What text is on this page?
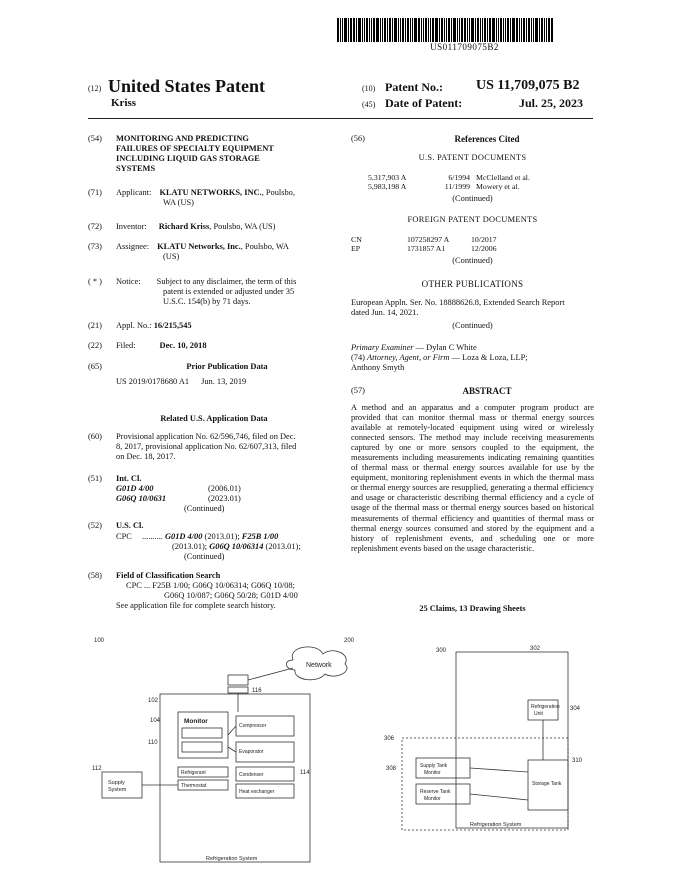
US011709075B2
(12) United States Patent
Kriss
(10) Patent No.: US 11,709,075 B2
(45) Date of Patent:	Jul. 25, 2023
(54) MONITORING AND PREDICTING
FAILURES OF SPECIALTY EQUIPMENT
INCLUDING LIQUID GAS STORAGE
SYSTEMS
(71) Applicant: KLATU NETWORKS, INC., Poulsbo,
WA (US)
(72) Inventor: Richard Kriss, Poulsbo, WA (US)
(73) Assignee: KLATU Networks, Inc., Poulsbo, WA
(US)
( * ) Notice: Subject to any disclaimer, the term of this
patent is extended or adjusted under 35
U.S.C. 154(b) by 71 days.
(21) Appl. No.: 16/215,545
(22) Filed:	Dec. 10, 2018
(65)	Prior Publication Data
US 2019/0178680 A1 Jun. 13, 2019
Related U.S. Application Data
(60) Provisional application No. 62/596,746, filed on Dec.
8, 2017, provisional application No. 62/607,313, filed
on Dec. 18, 2017.
(51) Int. Cl.
G01D 4/00	(2006.01)
G06Q 10/0631	(2023.01)
(Continued)
(52) U.S. Cl.
CPC .......... G01D 4/00 (2013.01); F25B 1/00
(2013.01); G06Q 10/06314 (2013.01);
(Continued)
(58) Field of Classification Search
CPC ... F25B 1/00; G06Q 10/06314; G06Q 10/08;
G06Q 10/087; G06Q 50/28; G01D 4/00
See application file for complete search history.
(56)	References Cited
U.S. PATENT DOCUMENTS
5,317,903 A	6/1994 McClelland et al.
5,983,198 A	11/1999 Mowery et al.
(Continued)
FOREIGN PATENT DOCUMENTS
CN	107258297 A	10/2017
EP	1731857 A1	12/2006
(Continued)
OTHER PUBLICATIONS
European Appln. Ser. No. 18888626.8, Extended Search Report
dated Jun. 14, 2021.
(Continued)
Primary Examiner — Dylan C White
(74) Attorney, Agent, or Firm — Loza & Loza, LLP;
Anthony Smyth
(57)	ABSTRACT
A method and an apparatus and a computer program product are provided that can monitor thermal mass or thermal energy sources available at remotely-located equipment using wired or wirelessly connected sensors. The method may include receiving measurements captured by one or more sensors coupled to the equipment, the measurements including measurements indicating remaining quantities of thermal mass or thermal energy sources available for use by the equipment, monitoring replenishment events in which the thermal mass or thermal energy sources are resupplied, generating a thermal efficiency and usage or characteristic describing thermal efficiency and a cycle of usage of the thermal mass or thermal energy sources based on historical measurements of thermal efficiency and quantities of thermal mass or thermal energy sources consumed and stored by the equipment and a history of replenishment events, and scheduling one or more replenishment events based on the usage characteristic.
25 Claims, 13 Drawing Sheets
100	200
Network
102
104	Monitor
116
112
Supply
System
110
114
Refrigeration System
Compressor
Evaporator
Condenser
Refrigerant
Thermostat
Heat exchanger
300	302
Refrigeration
Unit
304
306
308
310
Supply Tank
Monitor
Reserve Tank
Monitor
Storage Tank
Refrigeration System
